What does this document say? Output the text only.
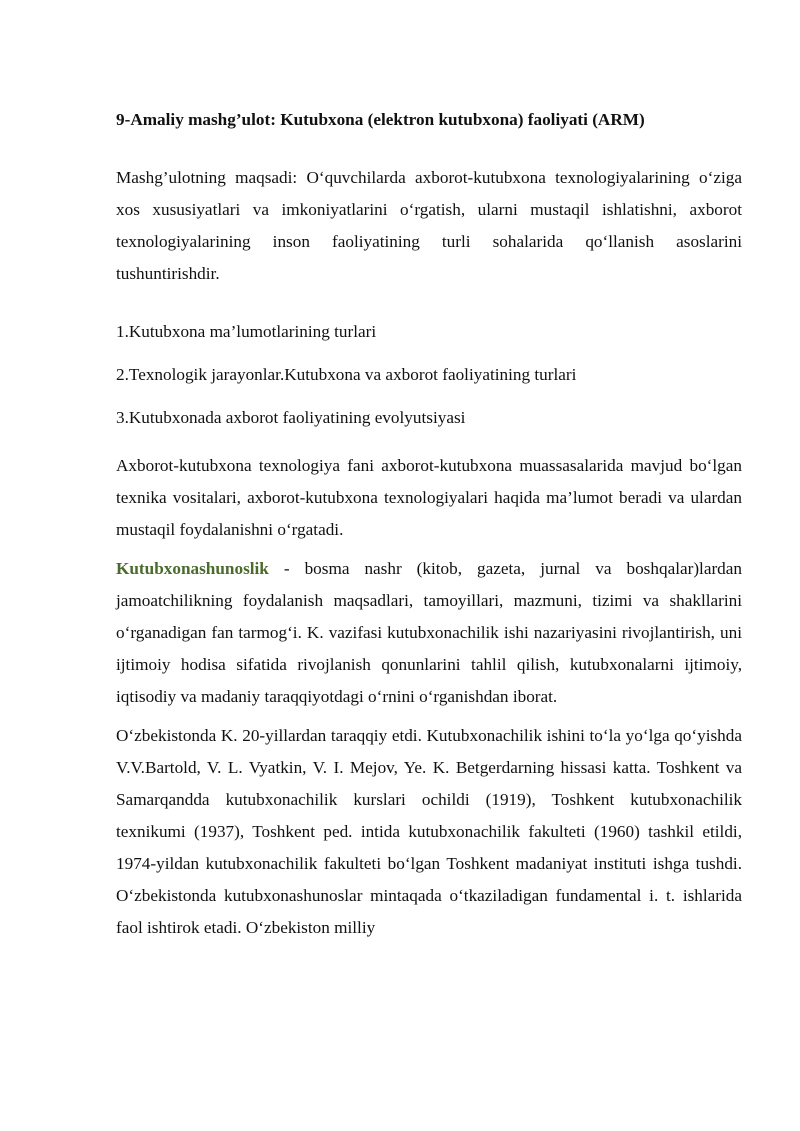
9-Amaliy mashg’ulot: Kutubxona (elektron kutubxona) faoliyati (ARM)

Mashg’ulotning maqsadi: O‘quvchilarda axborot-kutubxona texnologiyalarining o‘ziga xos xususiyatlari va imkoniyatlarini o‘rgatish, ularni mustaqil ishlatishni, axborot texnologiyalarining inson faoliyatining turli sohalarida qo‘llanish asoslarini tushuntirishdir.

1.Kutubxona ma’lumotlarining turlari
2.Texnologik jarayonlar.Kutubxona va axborot faoliyatining turlari
3.Kutubxonada axborot faoliyatining evolyutsiyasi

Axborot-kutubxona texnologiya fani axborot-kutubxona muassasalarida mavjud bo‘lgan texnika vositalari, axborot-kutubxona texnologiyalari haqida ma’lumot beradi va ulardan mustaqil foydalanishni o‘rgatadi.

Kutubxonashunoslik - bosma nashr (kitob, gazeta, jurnal va boshqalar)lardan jamoatchilikning foydalanish maqsadlari, tamoyillari, mazmuni, tizimi va shakllarini o‘rganadigan fan tarmog‘i. K. vazifasi kutubxonachilik ishi nazariyasini rivojlantirish, uni ijtimoiy hodisa sifatida rivojlanish qonunlarini tahlil qilish, kutubxonalarni ijtimoiy, iqtisodiy va madaniy taraqqiyotdagi o‘rnini o‘rganishdan iborat.

O‘zbekistonda K. 20-yillardan taraqqiy etdi. Kutubxonachilik ishini to‘la yo‘lga qo‘yishda V.V.Bartold, V. L. Vyatkin, V. I. Mejov, Ye. K. Betgerdarning hissasi katta. Toshkent va Samarqandda kutubxonachilik kurslari ochildi (1919), Toshkent kutubxonachilik texnikumi (1937), Toshkent ped. intida kutubxonachilik fakulteti (1960) tashkil etildi, 1974-yildan kutubxonachilik fakulteti bo‘lgan Toshkent madaniyat instituti ishga tushdi. O‘zbekistonda kutubxonashunoslar mintaqada o‘tkaziladigan fundamental i. t. ishlarida faol ishtirok etadi. O‘zbekiston milliy
